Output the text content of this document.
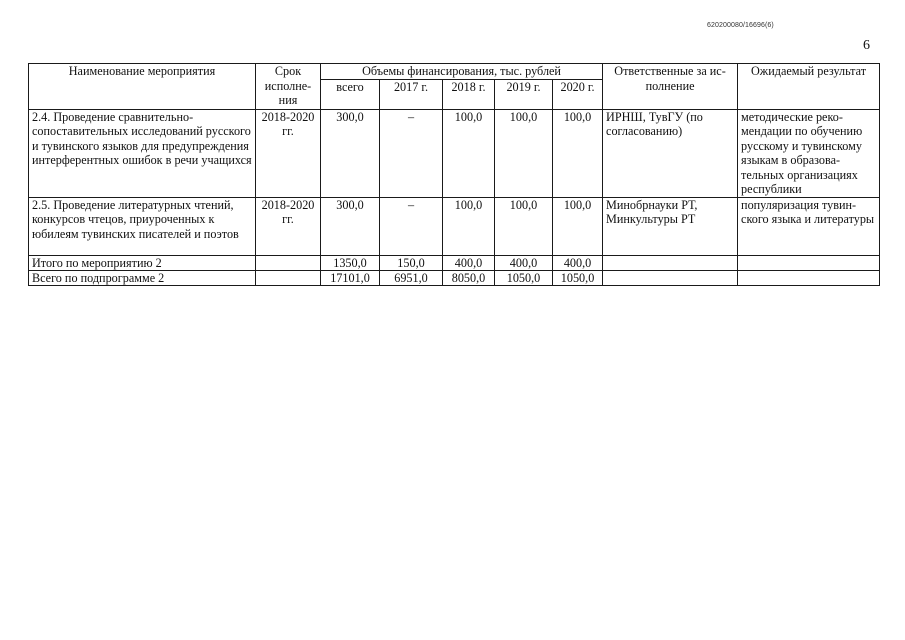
620200080/16696(6)
6
Наименование мероприятия	Срок исполнения	Объемы финансирования, тыс. рублей					Ответственные за исполнение	Ожидаемый результат
		всего	2017 г.	2018 г.	2019 г.	2020 г.		
2.4. Проведение сравнительно-сопоставительных исследований русского и тувинского языков для предупреждения интерферентных ошибок в речи учащихся	2018-2020 гг.	300,0	–	100,0	100,0	100,0	ИРНШ, ТувГУ (по согласованию)	методические рекомендации по обучению русскому и тувинскому языкам в образовательных организациях республики
2.5. Проведение литературных чтений, конкурсов чтецов, приуроченных к юбилеям тувинских писателей и поэтов	2018-2020 гг.	300,0	–	100,0	100,0	100,0	Минобрнауки РТ, Минкультуры РТ	популяризация тувинского языка и литературы
Итого по мероприятию 2		1350,0	150,0	400,0	400,0	400,0		
Всего по подпрограмме 2		17101,0	6951,0	8050,0	1050,0	1050,0		
